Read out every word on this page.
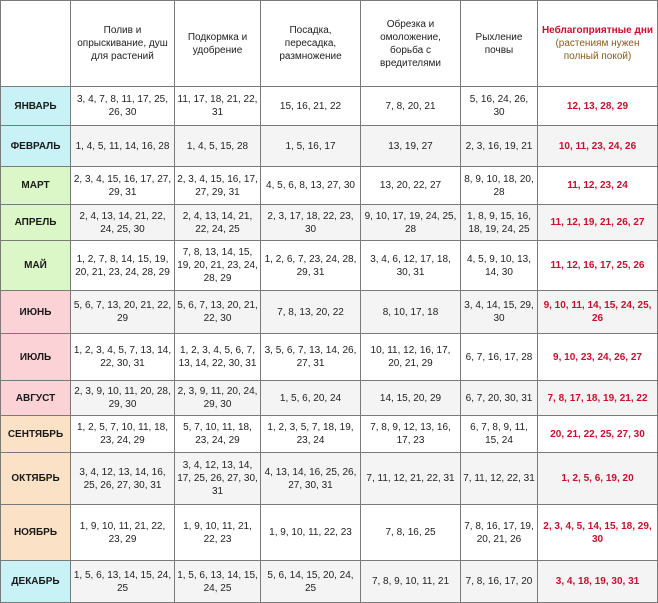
	Полив и опрыскивание, душ для растений	Подкормка и удобрение	Посадка, пересадка, размножение	Обрезка и омоложение, борьба с вредителями	Рыхление почвы	Неблагоприятные дни
(растениям нужен полный покой)

ЯНВАРЬ	3, 4, 7, 8, 11, 17, 25, 26, 30	11, 17, 18, 21, 22, 31	15, 16, 21, 22	7, 8, 20, 21	5, 16, 24, 26, 30	12, 13, 28, 29
ФЕВРАЛЬ	1, 4, 5, 11, 14, 16, 28	1, 4, 5, 15, 28	1, 5, 16, 17	13, 19, 27	2, 3, 16, 19, 21	10, 11, 23, 24, 26
МАРТ	2, 3, 4, 15, 16, 17, 27, 29, 31	2, 3, 4, 15, 16, 17, 27, 29, 31	4, 5, 6, 8, 13, 27, 30	13, 20, 22, 27	8, 9, 10, 18, 20, 28	11, 12, 23, 24
АПРЕЛЬ	2, 4, 13, 14, 21, 22, 24, 25, 30	2, 4, 13, 14, 21, 22, 24, 25	2, 3, 17, 18, 22, 23, 30	9, 10, 17, 19, 24, 25, 28	1, 8, 9, 15, 16, 18, 19, 24, 25	11, 12, 19, 21, 26, 27
МАЙ	1, 2, 7, 8, 14, 15, 19, 20, 21, 23, 24, 28, 29	7, 8, 13, 14, 15, 19, 20, 21, 23, 24, 28, 29	1, 2, 6, 7, 23, 24, 28, 29, 31	3, 4, 6, 12, 17, 18, 30, 31	4, 5, 9, 10, 13, 14, 30	11, 12, 16, 17, 25, 26
ИЮНЬ	5, 6, 7, 13, 20, 21, 22, 29	5, 6, 7, 13, 20, 21, 22, 30	7, 8, 13, 20, 22	8, 10, 17, 18	3, 4, 14, 15, 29, 30	9, 10, 11, 14, 15, 24, 25, 26
ИЮЛЬ	1, 2, 3, 4, 5, 7, 13, 14, 22, 30, 31	1, 2, 3, 4, 5, 6, 7, 13, 14, 22, 30, 31	3, 5, 6, 7, 13, 14, 26, 27, 31	10, 11, 12, 16, 17, 20, 21, 29	6, 7, 16, 17, 28	9, 10, 23, 24, 26, 27
АВГУСТ	2, 3, 9, 10, 11, 20, 28, 29, 30	2, 3, 9, 11, 20, 24, 29, 30	1, 5, 6, 20, 24	14, 15, 20, 29	6, 7, 20, 30, 31	7, 8, 17, 18, 19, 21, 22
СЕНТЯБРЬ	1, 2, 5, 7, 10, 11, 18, 23, 24, 29	5, 7, 10, 11, 18, 23, 24, 29	1, 2, 3, 5, 7, 18, 19, 23, 24	7, 8, 9, 12, 13, 16, 17, 23	6, 7, 8, 9, 11, 15, 24	20, 21, 22, 25, 27, 30
ОКТЯБРЬ	3, 4, 12, 13, 14, 16, 25, 26, 27, 30, 31	3, 4, 12, 13, 14, 17, 25, 26, 27, 30, 31	4, 13, 14, 16, 25, 26, 27, 30, 31	7, 11, 12, 21, 22, 31	7, 11, 12, 22, 31	1, 2, 5, 6, 19, 20
НОЯБРЬ	1, 9, 10, 11, 21, 22, 23, 29	1, 9, 10, 11, 21, 22, 23	1, 9, 10, 11, 22, 23	7, 8, 16, 25	7, 8, 16, 17, 19, 20, 21, 26	2, 3, 4, 5, 14, 15, 18, 29, 30
ДЕКАБРЬ	1, 5, 6, 13, 14, 15, 24, 25	1, 5, 6, 13, 14, 15, 24, 25	5, 6, 14, 15, 20, 24, 25	7, 8, 9, 10, 11, 21	7, 8, 16, 17, 20	3, 4, 18, 19, 30, 31
